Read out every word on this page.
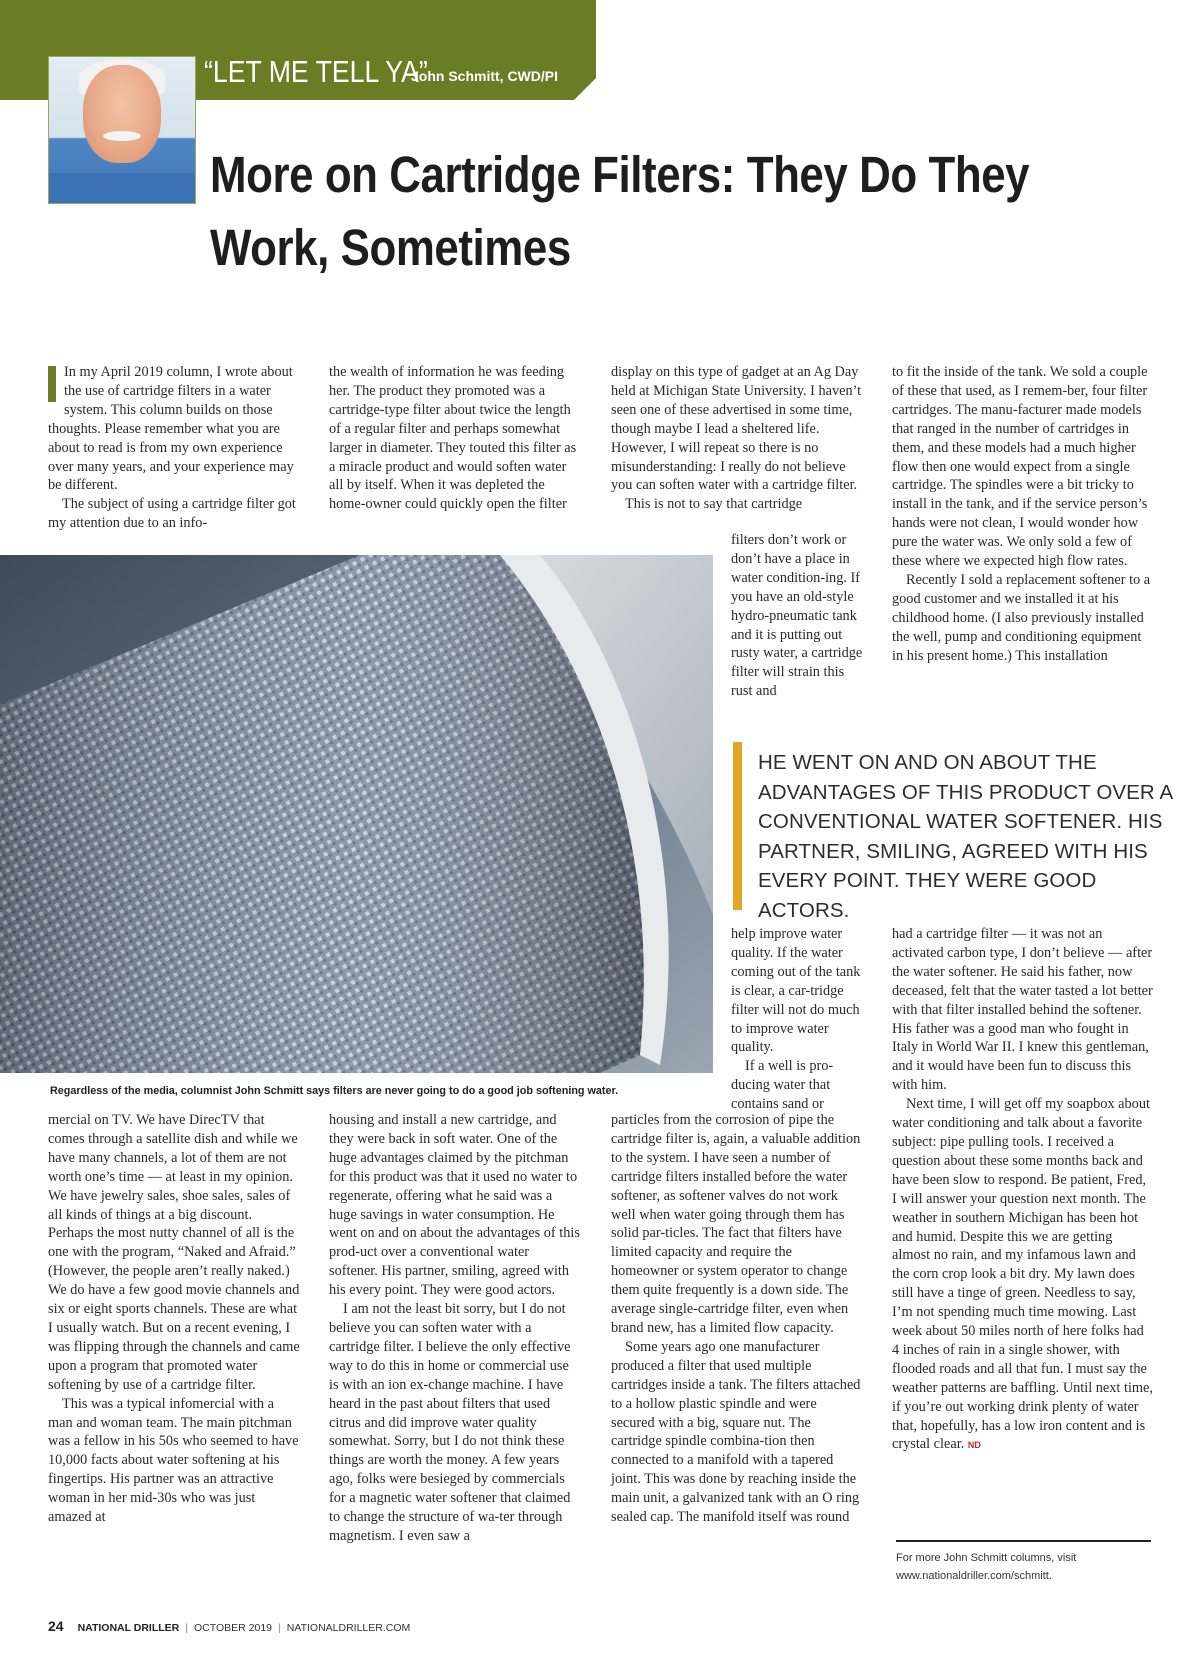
“LET ME TELL YA”
John Schmitt, CWD/PI
More on Cartridge Filters: They Do They Work, Sometimes

In my April 2019 column, I wrote about the use of cartridge filters in a water system. This column builds on those thoughts. Please remember what you are about to read is from my own experience over many years, and your experience may be different.

The subject of using a cartridge filter got my attention due to an info-

the wealth of information he was feeding her. The product they promoted was a cartridge-type filter about twice the length of a regular filter and perhaps somewhat larger in diameter. They touted this filter as a miracle product and would soften water all by itself. When it was depleted the home-owner could quickly open the filter

display on this type of gadget at an Ag Day held at Michigan State University. I haven’t seen one of these advertised in some time, though maybe I lead a sheltered life. However, I will repeat so there is no misunderstanding: I really do not believe you can soften water with a cartridge filter.

This is not to say that cartridge

filters don’t work or don’t have a place in water condition-ing. If you have an old-style hydro-pneumatic tank and it is putting out rusty water, a cartridge filter will strain this rust and

to fit the inside of the tank. We sold a couple of these that used, as I remem-ber, four filter cartridges. The manu-facturer made models that ranged in the number of cartridges in them, and these models had a much higher flow then one would expect from a single cartridge. The spindles were a bit tricky to install in the tank, and if the service person’s hands were not clean, I would wonder how pure the water was. We only sold a few of these where we expected high flow rates.

Recently I sold a replacement softener to a good customer and we installed it at his childhood home. (I also previously installed the well, pump and conditioning equipment in his present home.) This installation

HE WENT ON AND ON ABOUT THE ADVANTAGES OF THIS PRODUCT OVER A CONVENTIONAL WATER SOFTENER. HIS PARTNER, SMILING, AGREED WITH HIS EVERY POINT. THEY WERE GOOD ACTORS.

help improve water quality. If the water coming out of the tank is clear, a car-tridge filter will not do much to improve water quality.

If a well is pro-ducing water that contains sand or

had a cartridge filter — it was not an activated carbon type, I don’t believe — after the water softener. He said his father, now deceased, felt that the water tasted a lot better with that filter installed behind the softener. His father was a good man who fought in Italy in World War II. I knew this gentleman, and it would have been fun to discuss this with him.

Next time, I will get off my soapbox about water conditioning and talk about a favorite subject: pipe pulling tools. I received a question about these some months back and have been slow to respond. Be patient, Fred, I will answer your question next month. The weather in southern Michigan has been hot and humid. Despite this we are getting almost no rain, and my infamous lawn and the corn crop look a bit dry. My lawn does still have a tinge of green. Needless to say, I’m not spending much time mowing. Last week about 50 miles north of here folks had 4 inches of rain in a single shower, with flooded roads and all that fun. I must say the weather patterns are baffling. Until next time, if you’re out working drink plenty of water that, hopefully, has a low iron content and is crystal clear. ND

Regardless of the media, columnist John Schmitt says filters are never going to do a good job softening water.

mercial on TV. We have DirecTV that comes through a satellite dish and while we have many channels, a lot of them are not worth one’s time — at least in my opinion. We have jewelry sales, shoe sales, sales of all kinds of things at a big discount. Perhaps the most nutty channel of all is the one with the program, “Naked and Afraid.” (However, the people aren’t really naked.) We do have a few good movie channels and six or eight sports channels. These are what I usually watch. But on a recent evening, I was flipping through the channels and came upon a program that promoted water softening by use of a cartridge filter.

This was a typical infomercial with a man and woman team. The main pitchman was a fellow in his 50s who seemed to have 10,000 facts about water softening at his fingertips. His partner was an attractive woman in her mid-30s who was just amazed at

housing and install a new cartridge, and they were back in soft water. One of the huge advantages claimed by the pitchman for this product was that it used no water to regenerate, offering what he said was a huge savings in water consumption. He went on and on about the advantages of this prod-uct over a conventional water softener. His partner, smiling, agreed with his every point. They were good actors.

I am not the least bit sorry, but I do not believe you can soften water with a cartridge filter. I believe the only effective way to do this in home or commercial use is with an ion ex-change machine. I have heard in the past about filters that used citrus and did improve water quality somewhat. Sorry, but I do not think these things are worth the money. A few years ago, folks were besieged by commercials for a magnetic water softener that claimed to change the structure of wa-ter through magnetism. I even saw a

particles from the corrosion of pipe the cartridge filter is, again, a valuable addition to the system. I have seen a number of cartridge filters installed before the water softener, as softener valves do not work well when water going through them has solid par-ticles. The fact that filters have limited capacity and require the homeowner or system operator to change them quite frequently is a down side. The average single-cartridge filter, even when brand new, has a limited flow capacity.

Some years ago one manufacturer produced a filter that used multiple cartridges inside a tank. The filters attached to a hollow plastic spindle and were secured with a big, square nut. The cartridge spindle combina-tion then connected to a manifold with a tapered joint. This was done by reaching inside the main unit, a galvanized tank with an O ring sealed cap. The manifold itself was round

For more John Schmitt columns, visit www.nationaldriller.com/schmitt.
24 NATIONAL DRILLER | OCTOBER 2019 | NATIONALDRILLER.COM
